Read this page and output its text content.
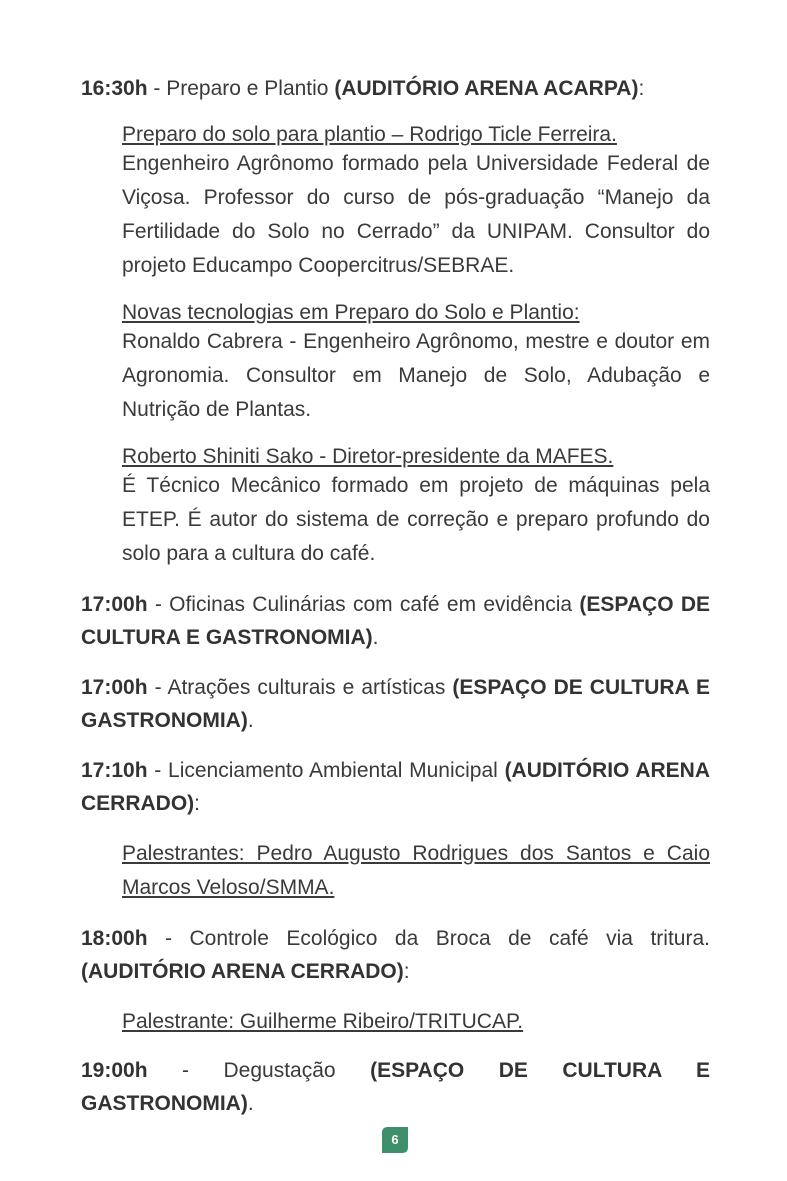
16:30h - Preparo e Plantio (AUDITÓRIO ARENA ACARPA):

Preparo do solo para plantio – Rodrigo Ticle Ferreira.
Engenheiro Agrônomo formado pela Universidade Federal de Viçosa. Professor do curso de pós-graduação “Manejo da Fertilidade do Solo no Cerrado” da UNIPAM. Consultor do projeto Educampo Coopercitrus/SEBRAE.
Novas tecnologias em Preparo do Solo e Plantio:
Ronaldo Cabrera - Engenheiro Agrônomo, mestre e doutor em Agronomia. Consultor em Manejo de Solo, Adubação e Nutrição de Plantas.
Roberto Shiniti Sako - Diretor-presidente da MAFES.
É Técnico Mecânico formado em projeto de máquinas pela ETEP. É autor do sistema de correção e preparo profundo do solo para a cultura do café.

17:00h - Oficinas Culinárias com café em evidência (ESPAÇO DE CULTURA E GASTRONOMIA).

17:00h - Atrações culturais e artísticas (ESPAÇO DE CULTURA E GASTRONOMIA).

17:10h - Licenciamento Ambiental Municipal (AUDITÓRIO ARENA CERRADO):

Palestrantes: Pedro Augusto Rodrigues dos Santos e Caio Marcos Veloso/SMMA.

18:00h - Controle Ecológico da Broca de café via tritura. (AUDITÓRIO ARENA CERRADO):

Palestrante: Guilherme Ribeiro/TRITUCAP.

19:00h - Degustação (ESPAÇO DE CULTURA E GASTRONOMIA).

6
